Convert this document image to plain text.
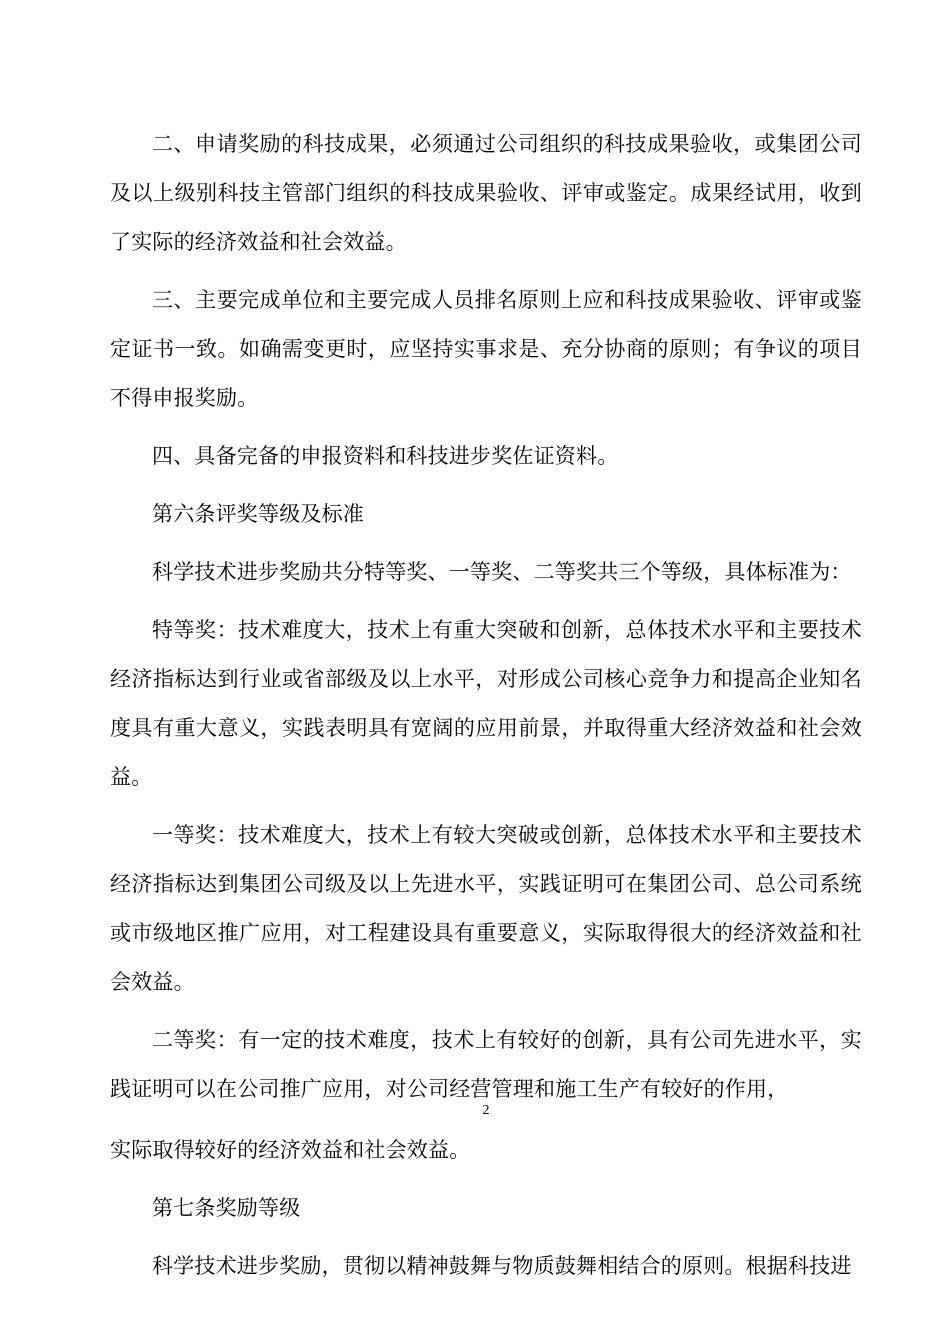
二、申请奖励的科技成果，必须通过公司组织的科技成果验收，或集团公司及以上级别科技主管部门组织的科技成果验收、评审或鉴定。成果经试用，收到了实际的经济效益和社会效益。

三、主要完成单位和主要完成人员排名原则上应和科技成果验收、评审或鉴定证书一致。如确需变更时，应坚持实事求是、充分协商的原则；有争议的项目不得申报奖励。

四、具备完备的申报资料和科技进步奖佐证资料。

第六条评奖等级及标准

科学技术进步奖励共分特等奖、一等奖、二等奖共三个等级，具体标准为：

特等奖：技术难度大，技术上有重大突破和创新，总体技术水平和主要技术经济指标达到行业或省部级及以上水平，对形成公司核心竞争力和提高企业知名度具有重大意义，实践表明具有宽阔的应用前景，并取得重大经济效益和社会效益。

一等奖：技术难度大，技术上有较大突破或创新，总体技术水平和主要技术经济指标达到集团公司级及以上先进水平，实践证明可在集团公司、总公司系统或市级地区推广应用，对工程建设具有重要意义，实际取得很大的经济效益和社会效益。

二等奖：有一定的技术难度，技术上有较好的创新，具有公司先进水平，实践证明可以在公司推广应用，对公司经营管理和施工生产有较好的作用，

2

实际取得较好的经济效益和社会效益。

第七条奖励等级

科学技术进步奖励，贯彻以精神鼓舞与物质鼓舞相结合的原则。根据科技进
